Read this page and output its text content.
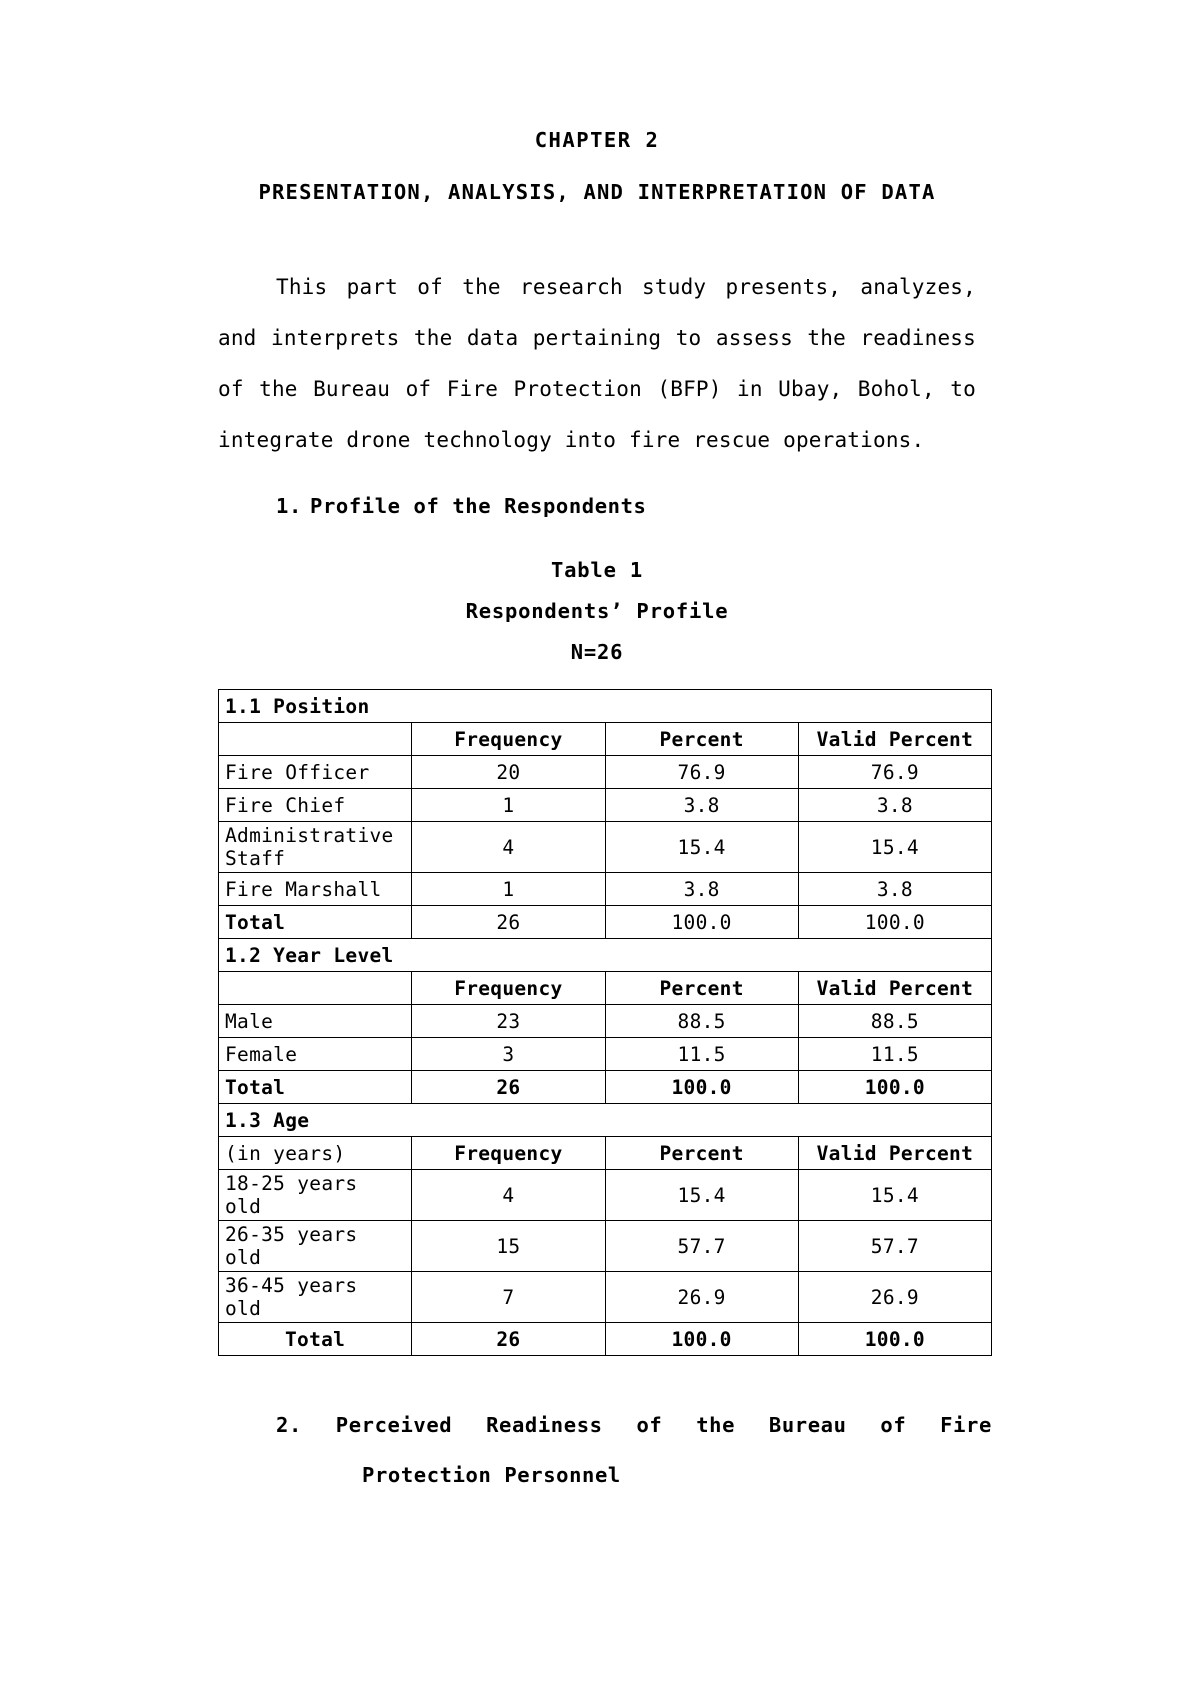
CHAPTER 2
PRESENTATION, ANALYSIS, AND INTERPRETATION OF DATA

This part of the research study presents, analyzes, and interprets the data pertaining to assess the readiness of the Bureau of Fire Protection (BFP) in Ubay, Bohol, to integrate drone technology into fire rescue operations.

1. Profile of the Respondents
Table 1
Respondents’ Profile
N=26
1.1 Position			
	Frequency	Percent	Valid Percent
Fire Officer	20	76.9	76.9
Fire Chief	1	3.8	3.8
Administrative Staff	4	15.4	15.4
Fire Marshall	1	3.8	3.8
Total	26	100.0	100.0
1.2 Year Level			
	Frequency	Percent	Valid Percent
Male	23	88.5	88.5
Female	3	11.5	11.5
Total	26	100.0	100.0
1.3 Age			
(in years)	Frequency	Percent	Valid Percent
18-25 years old	4	15.4	15.4
26-35 years old	15	57.7	57.7
36-45 years old	7	26.9	26.9
Total	26	100.0	100.0
2. Perceived Readiness of the Bureau of Fire
Protection Personnel
